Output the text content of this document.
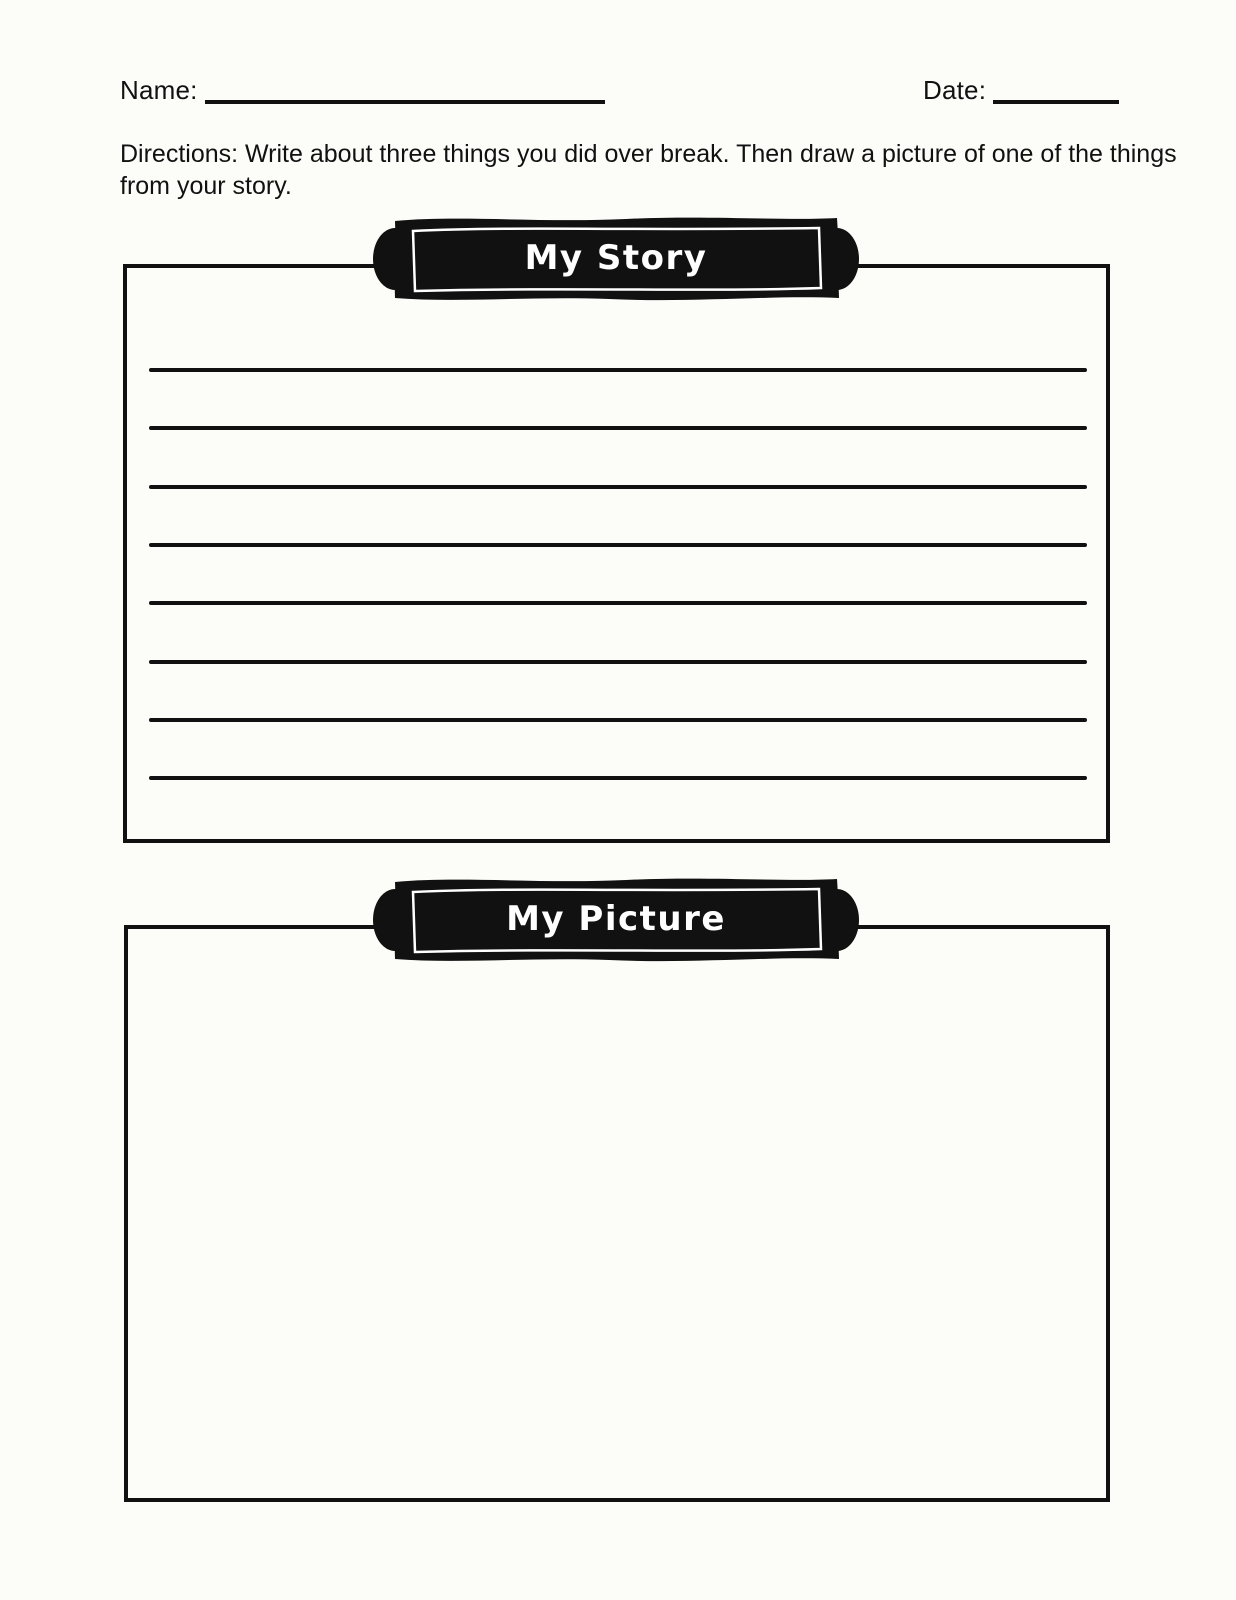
Name:	Date:
Directions: Write about three things you did over break. Then draw a picture of one of the things
from your story.
My Story
My Picture
